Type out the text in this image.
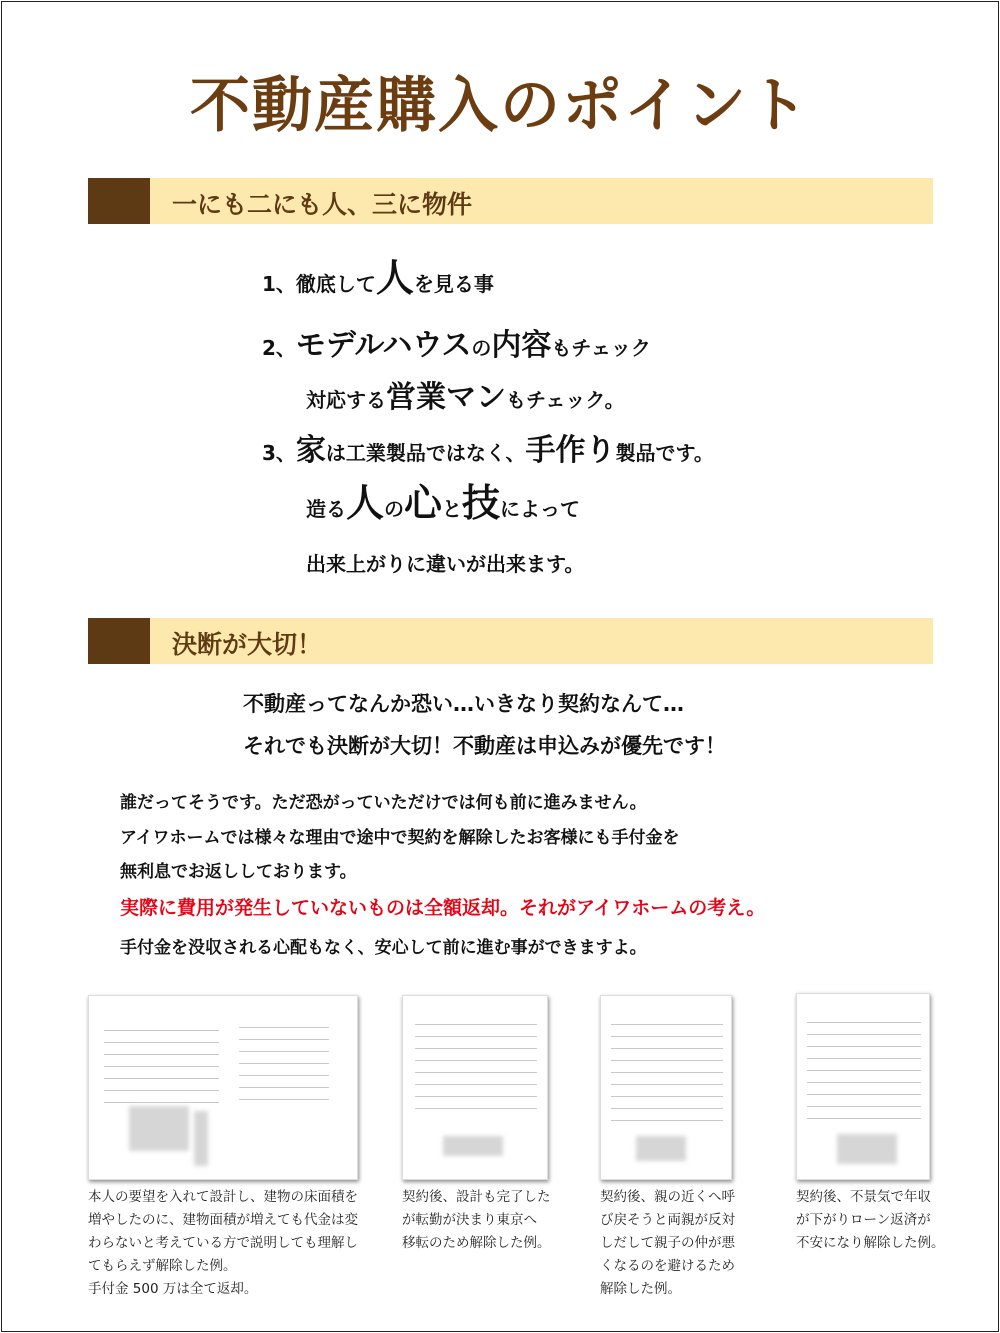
不動産購入のポイント
一にも二にも人、三に物件
決断が大切！
不動産ってなんか恐い…いきなり契約なんて…
それでも決断が大切！不動産は申込みが優先です！
誰だってそうです。ただ恐がっていただけでは何も前に進みません。
アイワホームでは様々な理由で途中で契約を解除したお客様にも手付金を
無利息でお返ししております。
実際に費用が発生していないものは全額返却。それがアイワホームの考え。
手付金を没収される心配もなく、安心して前に進む事ができますよ。
1、徹底して人を見る事
2、モデルハウスの内容もチェック
対応する営業マンもチェック。
3、家は工業製品ではなく、手作り製品です。
造る人の心と技によって
出来上がりに違いが出来ます。
本人の要望を入れて設計し、建物の床面積を
増やしたのに、建物面積が増えても代金は変
わらないと考えている方で説明しても理解し
てもらえず解除した例。
手付金 500 万は全て返却。
契約後、設計も完了した
が転勤が決まり東京へ
移転のため解除した例。
契約後、親の近くへ呼
び戻そうと両親が反対
しだして親子の仲が悪
くなるのを避けるため
解除した例。
契約後、不景気で年収
が下がりローン返済が
不安になり解除した例。
